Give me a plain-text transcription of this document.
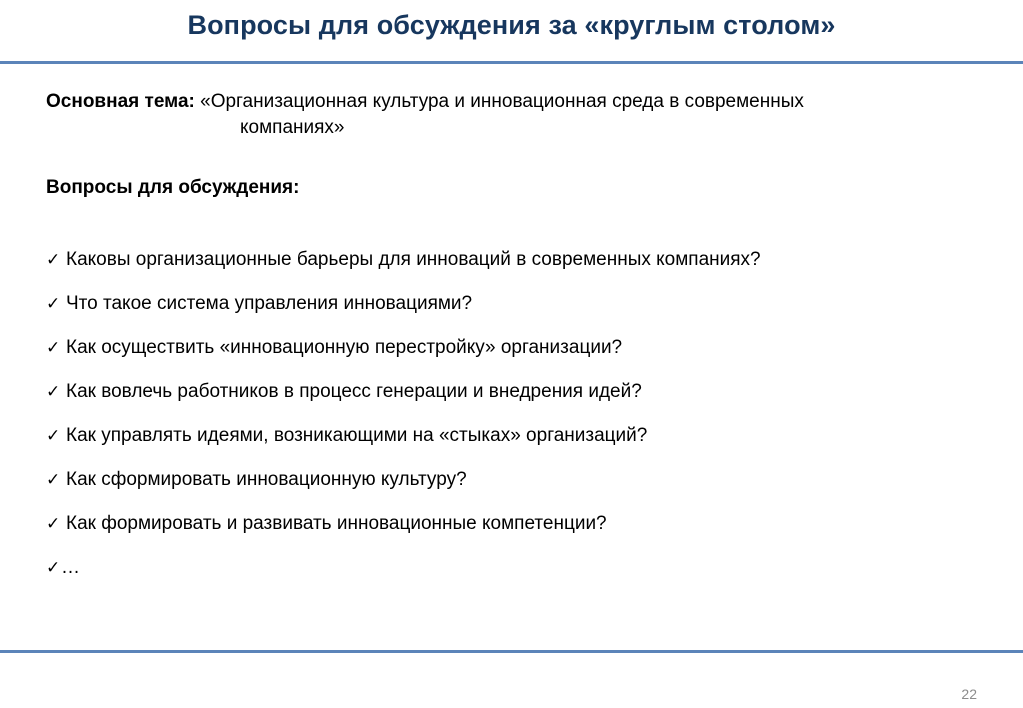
Вопросы для обсуждения за «круглым столом»
Основная тема: «Организационная культура и инновационная среда в современных
компаниях»
Вопросы для обсуждения:
✓ Каковы организационные барьеры для инноваций в современных компаниях?
✓ Что такое система управления инновациями?
✓ Как осуществить «инновационную перестройку» организации?
✓ Как вовлечь работников в процесс генерации и внедрения идей?
✓ Как управлять идеями, возникающими на «стыках» организаций?
✓ Как сформировать инновационную культуру?
✓ Как формировать и развивать инновационные компетенции?
✓…
22
